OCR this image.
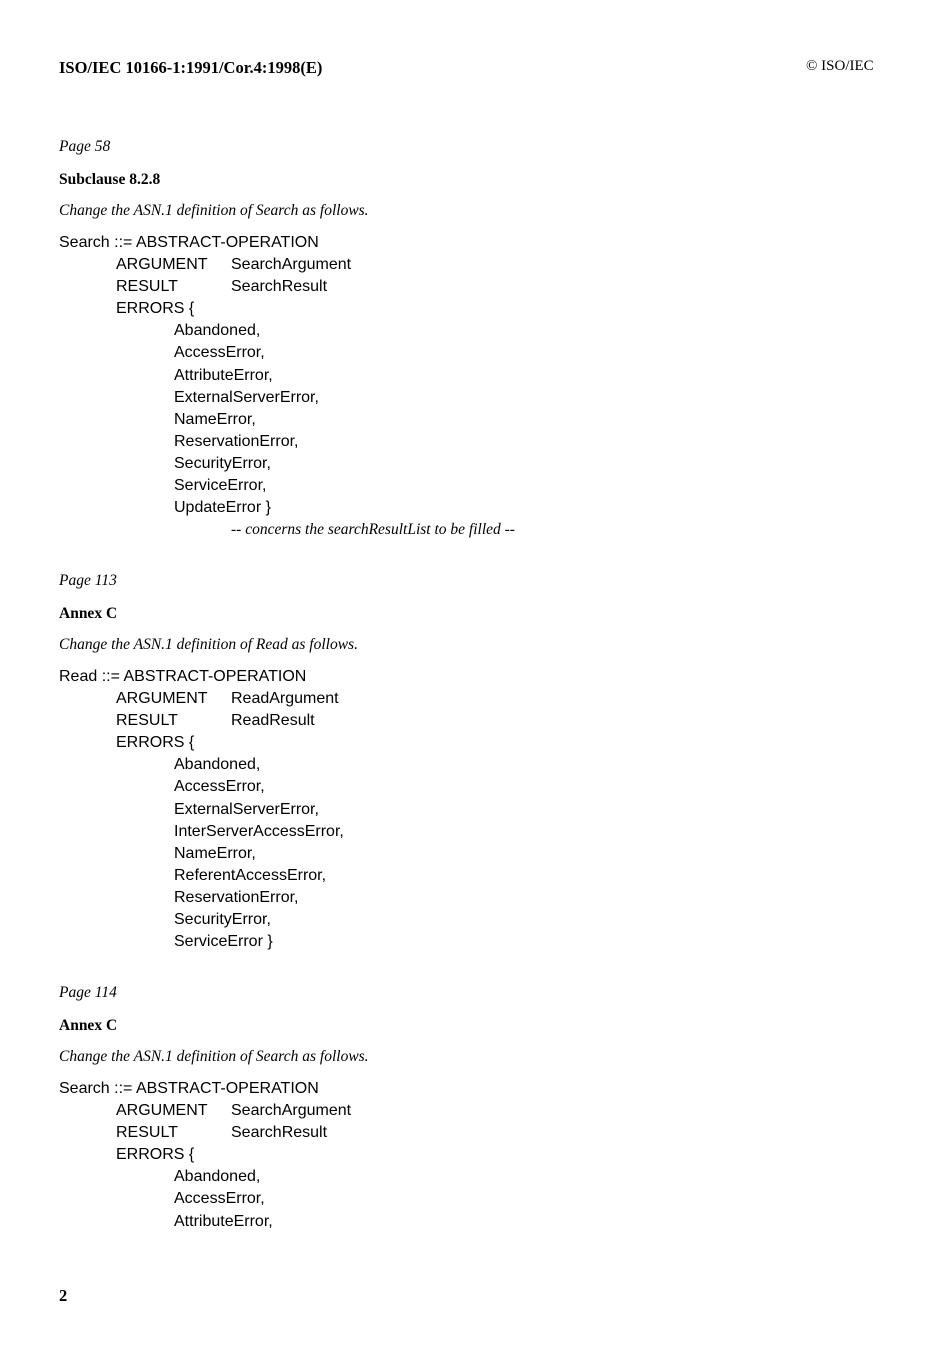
ISO/IEC 10166-1:1991/Cor.4:1998(E)	© ISO/IEC
Page 58
Subclause 8.2.8
Change the ASN.1 definition of Search as follows.
Search ::= ABSTRACT-OPERATION
ARGUMENT SearchArgument
RESULT	SearchResult
ERRORS {
Abandoned,
AccessError,
AttributeError,
ExternalServerError,
NameError,
ReservationError,
SecurityError,
ServiceError,
UpdateError }
-- concerns the searchResultList to be filled --
Page 113
Annex C
Change the ASN.1 definition of Read as follows.
Read ::= ABSTRACT-OPERATION
ARGUMENT ReadArgument
RESULT	ReadResult
ERRORS {
Abandoned,
AccessError,
ExternalServerError,
InterServerAccessError,
NameError,
ReferentAccessError,
ReservationError,
SecurityError,
ServiceError }
Page 114
Annex C
Change the ASN.1 definition of Search as follows.
Search ::= ABSTRACT-OPERATION
ARGUMENT SearchArgument
RESULT	SearchResult
ERRORS {
Abandoned,
AccessError,
AttributeError,
2
